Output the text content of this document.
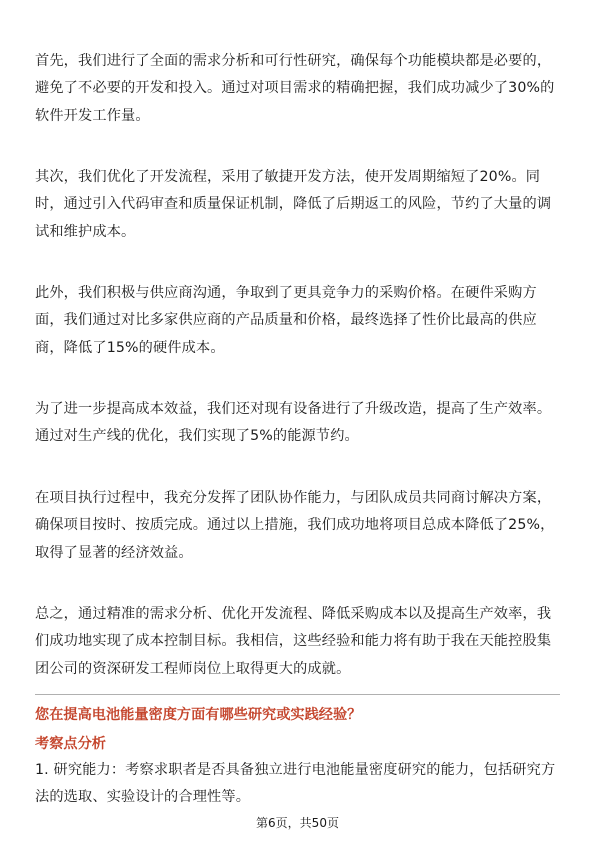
首先，我们进行了全面的需求分析和可行性研究，确保每个功能模块都是必要的，避免了不必要的开发和投入。通过对项目需求的精确把握，我们成功减少了30%的软件开发工作量。

其次，我们优化了开发流程，采用了敏捷开发方法，使开发周期缩短了20%。同时，通过引入代码审查和质量保证机制，降低了后期返工的风险，节约了大量的调试和维护成本。

此外，我们积极与供应商沟通，争取到了更具竞争力的采购价格。在硬件采购方面，我们通过对比多家供应商的产品质量和价格，最终选择了性价比最高的供应商，降低了15%的硬件成本。

为了进一步提高成本效益，我们还对现有设备进行了升级改造，提高了生产效率。通过对生产线的优化，我们实现了5%的能源节约。

在项目执行过程中，我充分发挥了团队协作能力，与团队成员共同商讨解决方案，确保项目按时、按质完成。通过以上措施，我们成功地将项目总成本降低了25%，取得了显著的经济效益。

总之，通过精准的需求分析、优化开发流程、降低采购成本以及提高生产效率，我们成功地实现了成本控制目标。我相信，这些经验和能力将有助于我在天能控股集团公司的资深研发工程师岗位上取得更大的成就。

您在提高电池能量密度方面有哪些研究或实践经验？
考察点分析

1. 研究能力：考察求职者是否具备独立进行电池能量密度研究的能力，包括研究方法的选取、实验设计的合理性等。

第6页，共50页
